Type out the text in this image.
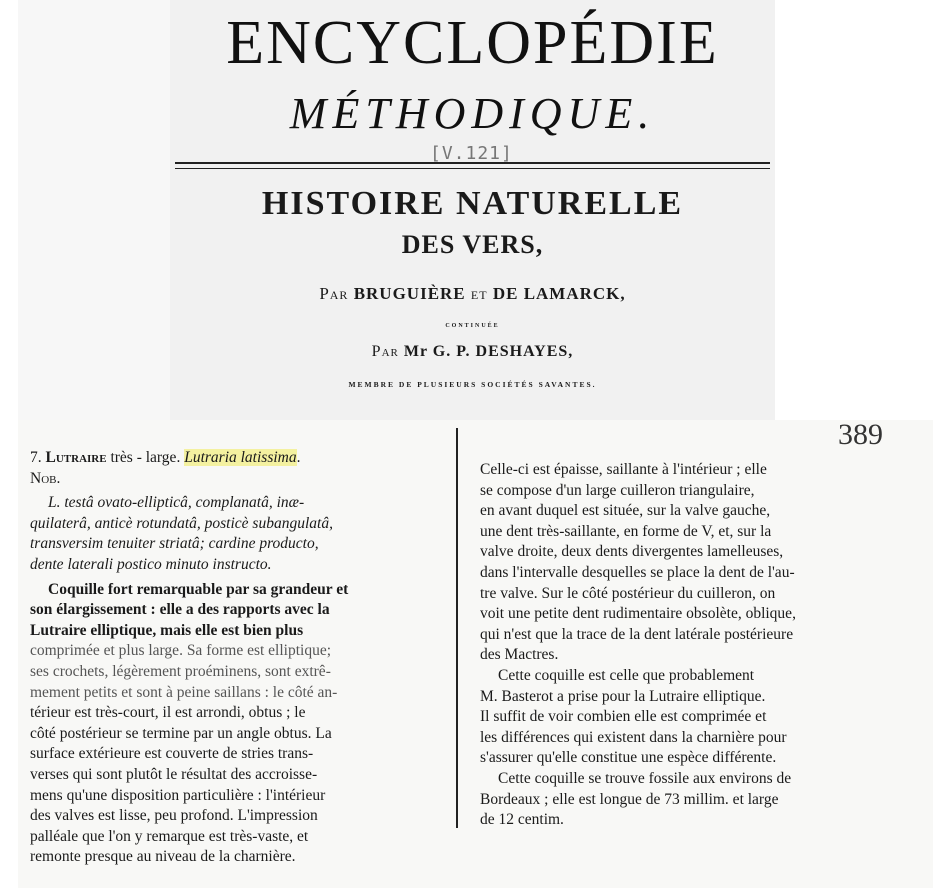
ENCYCLOPÉDIE
MÉTHODIQUE.
[V.121]
HISTOIRE NATURELLE
DES VERS,
Par BRUGUIÈRE et DE LAMARCK,
continuée
Par Mr G. P. DESHAYES,
MEMBRE DE PLUSIEURS SOCIÉTÉS SAVANTES.
389
7. Lutraire très - large. Lutraria latissima.
Nob.
L. testâ ovato-ellipticâ, complanatâ, inæ-
quilaterâ, anticè rotundatâ, posticè subangulatâ,
transversim tenuiter striatâ; cardine producto,
dente laterali postico minuto instructo.
Coquille fort remarquable par sa grandeur et
son élargissement : elle a des rapports avec la
Lutraire elliptique, mais elle est bien plus
comprimée et plus large. Sa forme est elliptique;
ses crochets, légèrement proéminens, sont extrê-
mement petits et sont à peine saillans : le côté an-
térieur est très-court, il est arrondi, obtus ; le
côté postérieur se termine par un angle obtus. La
surface extérieure est couverte de stries trans-
verses qui sont plutôt le résultat des accroisse-
mens qu'une disposition particulière : l'intérieur
des valves est lisse, peu profond. L'impression
palléale que l'on y remarque est très-vaste, et
remonte presque au niveau de la charnière.
Celle-ci est épaisse, saillante à l'intérieur ; elle
se compose d'un large cuilleron triangulaire,
en avant duquel est située, sur la valve gauche,
une dent très-saillante, en forme de V, et, sur la
valve droite, deux dents divergentes lamelleuses,
dans l'intervalle desquelles se place la dent de l'au-
tre valve. Sur le côté postérieur du cuilleron, on
voit une petite dent rudimentaire obsolète, oblique,
qui n'est que la trace de la dent latérale postérieure
des Mactres.
Cette coquille est celle que probablement
M. Basterot a prise pour la Lutraire elliptique.
Il suffit de voir combien elle est comprimée et
les différences qui existent dans la charnière pour
s'assurer qu'elle constitue une espèce différente.
Cette coquille se trouve fossile aux environs de
Bordeaux ; elle est longue de 73 millim. et large
de 12 centim.
